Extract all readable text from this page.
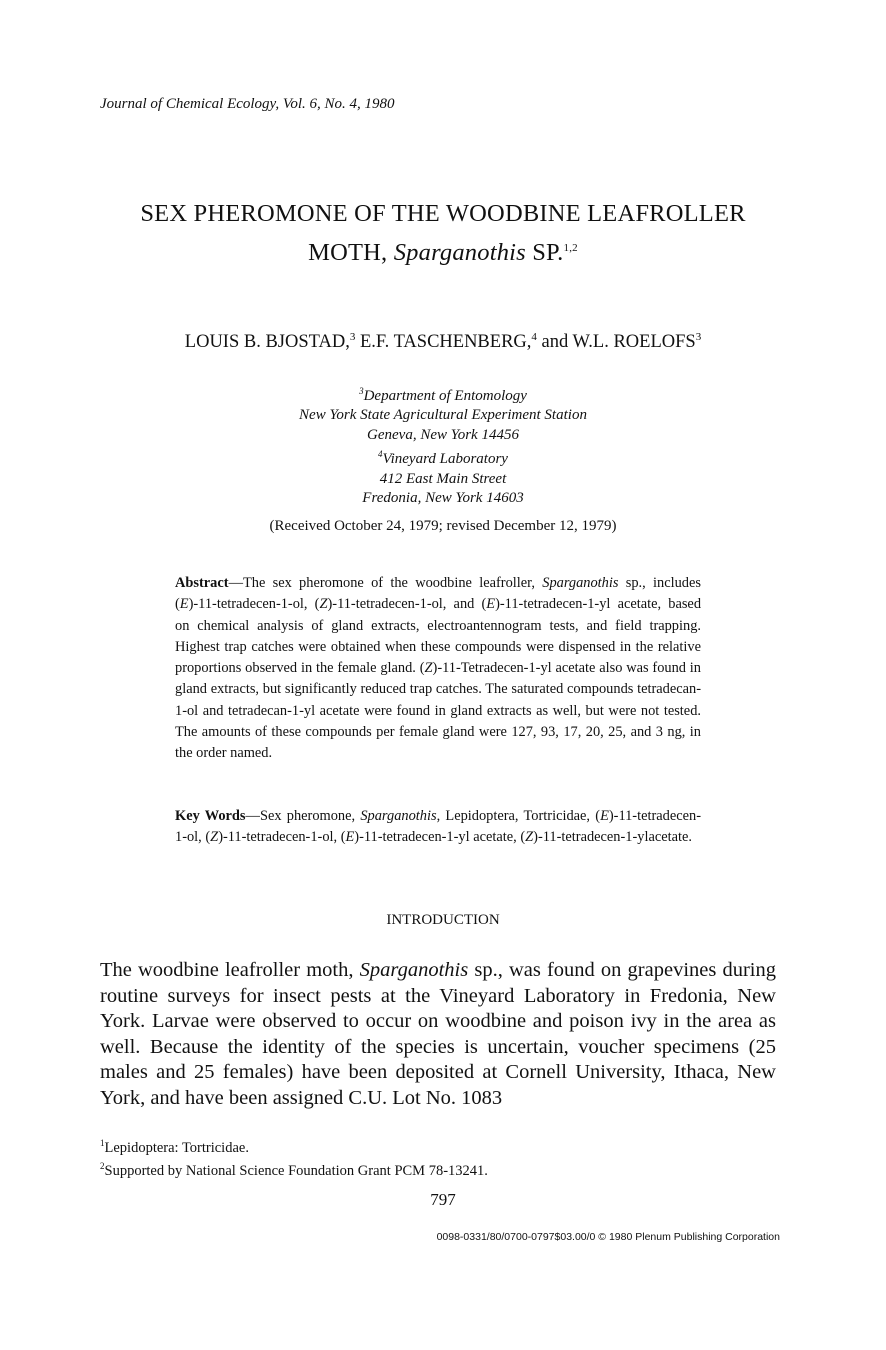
Journal of Chemical Ecology, Vol. 6, No. 4, 1980
SEX PHEROMONE OF THE WOODBINE LEAFROLLER
MOTH, Sparganothis SP.$^{1,2}$
LOUIS B. BJOSTAD,$^3$ E.F. TASCHENBERG,$^4$ and W.L. ROELOFS$^3$
$^3$Department of Entomology
New York State Agricultural Experiment Station
Geneva, New York 14456
$^4$Vineyard Laboratory
412 East Main Street
Fredonia, New York 14603
(Received October 24, 1979; revised December 12, 1979)
Abstract—The sex pheromone of the woodbine leafroller, Sparganothis sp., includes (E)-11-tetradecen-1-ol, (Z)-11-tetradecen-1-ol, and (E)-11-tetradecen-1-yl acetate, based on chemical analysis of gland extracts, electroantennogram tests, and field trapping. Highest trap catches were obtained when these compounds were dispensed in the relative proportions observed in the female gland. (Z)-11-Tetradecen-1-yl acetate also was found in gland extracts, but significantly reduced trap catches. The saturated compounds tetradecan-1-ol and tetradecan-1-yl acetate were found in gland extracts as well, but were not tested. The amounts of these compounds per female gland were 127, 93, 17, 20, 25, and 3 ng, in the order named.
Key Words—Sex pheromone, Sparganothis, Lepidoptera, Tortricidae, (E)-11-tetradecen-1-ol, (Z)-11-tetradecen-1-ol, (E)-11-tetradecen-1-yl acetate, (Z)-11-tetradecen-1-ylacetate.
INTRODUCTION
The woodbine leafroller moth, Sparganothis sp., was found on grapevines during routine surveys for insect pests at the Vineyard Laboratory in Fredonia, New York. Larvae were observed to occur on woodbine and poison ivy in the area as well. Because the identity of the species is uncertain, voucher specimens (25 males and 25 females) have been deposited at Cornell University, Ithaca, New York, and have been assigned C.U. Lot No. 1083
$^1$Lepidoptera: Tortricidae.
$^2$Supported by National Science Foundation Grant PCM 78-13241.
797
0098-0331/80/0700-0797$03.00/0 © 1980 Plenum Publishing Corporation
